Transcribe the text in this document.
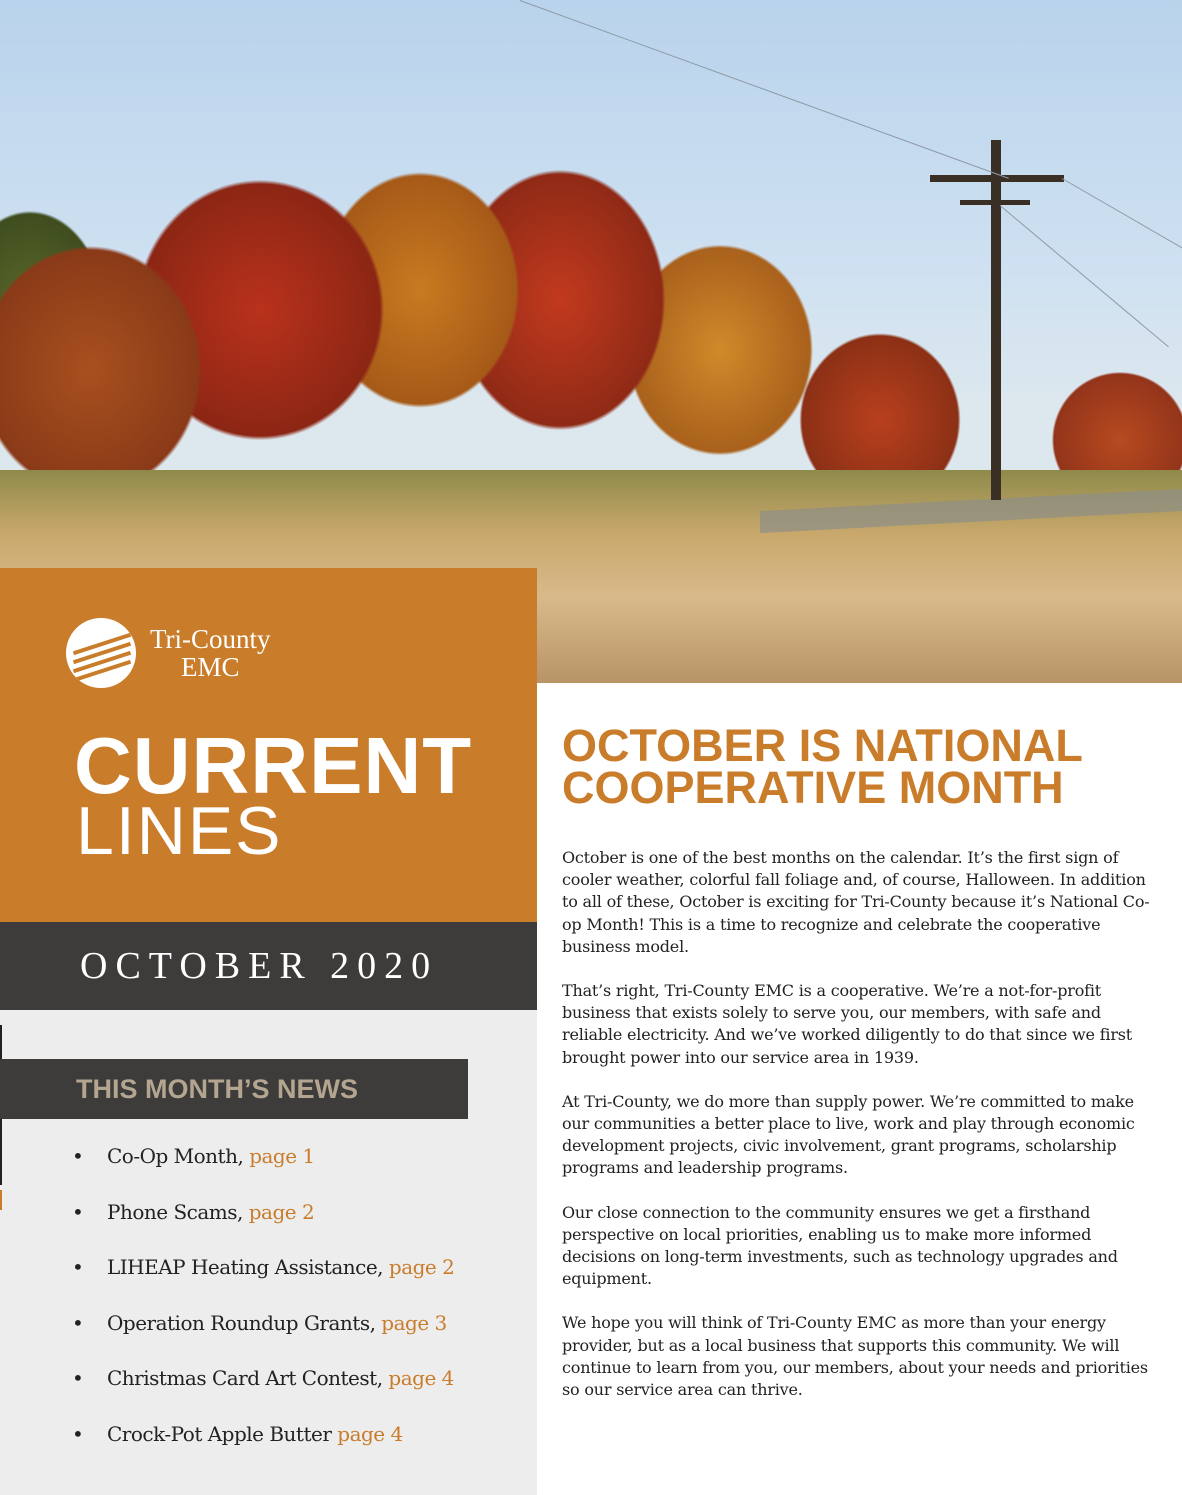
Tri-County
EMC
CURRENT
LINES
OCTOBER 2020
THIS MONTH’S NEWS
• Co-Op Month, page 1
• Phone Scams, page 2
• LIHEAP Heating Assistance, page 2
• Operation Roundup Grants, page 3
• Christmas Card Art Contest, page 4
• Crock-Pot Apple Butter page 4
OCTOBER IS NATIONAL
COOPERATIVE MONTH

October is one of the best months on the calendar. It’s the first sign of cooler weather, colorful fall foliage and, of course, Halloween. In addition to all of these, October is exciting for Tri-County because it’s National Co-op Month! This is a time to recognize and celebrate the cooperative business model.

That’s right, Tri-County EMC is a cooperative. We’re a not-for-profit business that exists solely to serve you, our members, with safe and reliable electricity. And we’ve worked diligently to do that since we first brought power into our service area in 1939.

At Tri-County, we do more than supply power. We’re committed to make our communities a better place to live, work and play through economic development projects, civic involvement, grant programs, scholarship programs and leadership programs.

Our close connection to the community ensures we get a firsthand perspective on local priorities, enabling us to make more informed decisions on long-term investments, such as technology upgrades and equipment.

We hope you will think of Tri-County EMC as more than your energy provider, but as a local business that supports this community. We will continue to learn from you, our members, about your needs and priorities so our service area can thrive.
